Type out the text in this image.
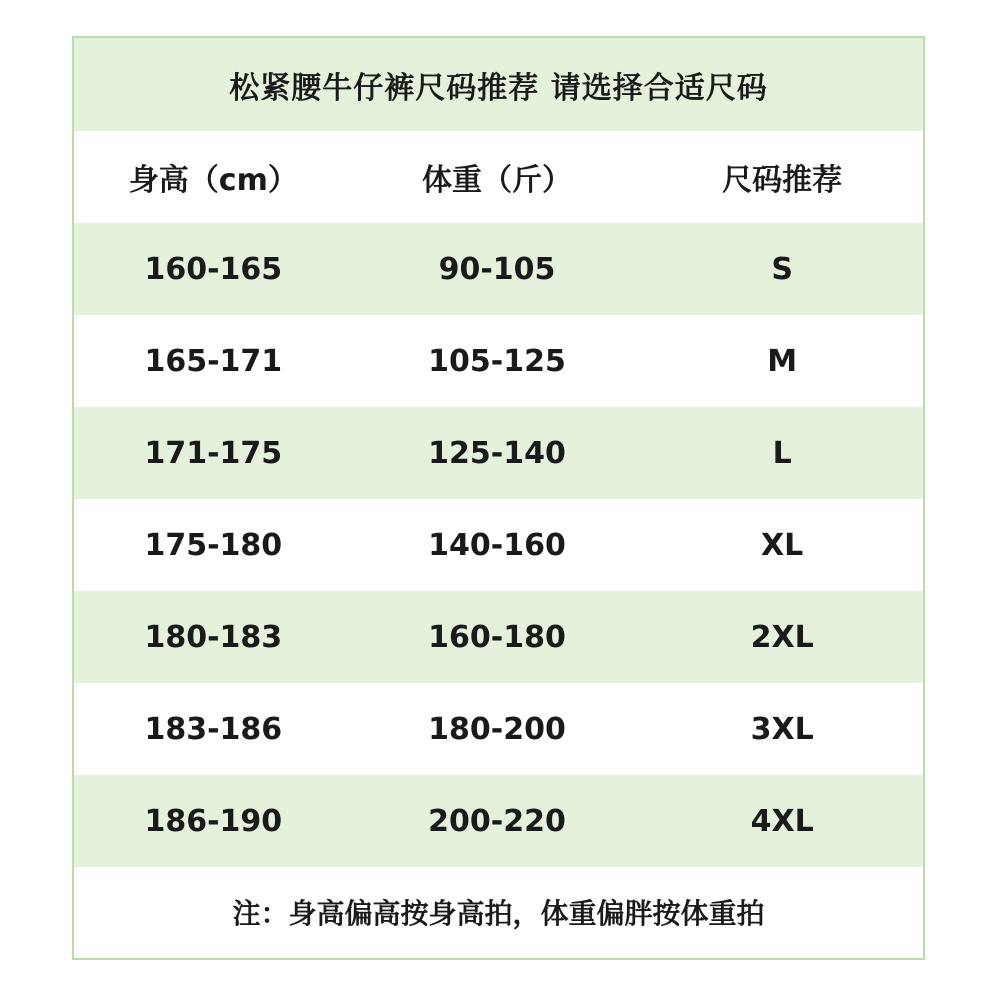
松紧腰牛仔裤尺码推荐 请选择合适尺码
身高（cm）	体重（斤）	尺码推荐
160-165	90-105	S
165-171	105-125	M
171-175	125-140	L
175-180	140-160	XL
180-183	160-180	2XL
183-186	180-200	3XL
186-190	200-220	4XL
注：身高偏高按身高拍，体重偏胖按体重拍
